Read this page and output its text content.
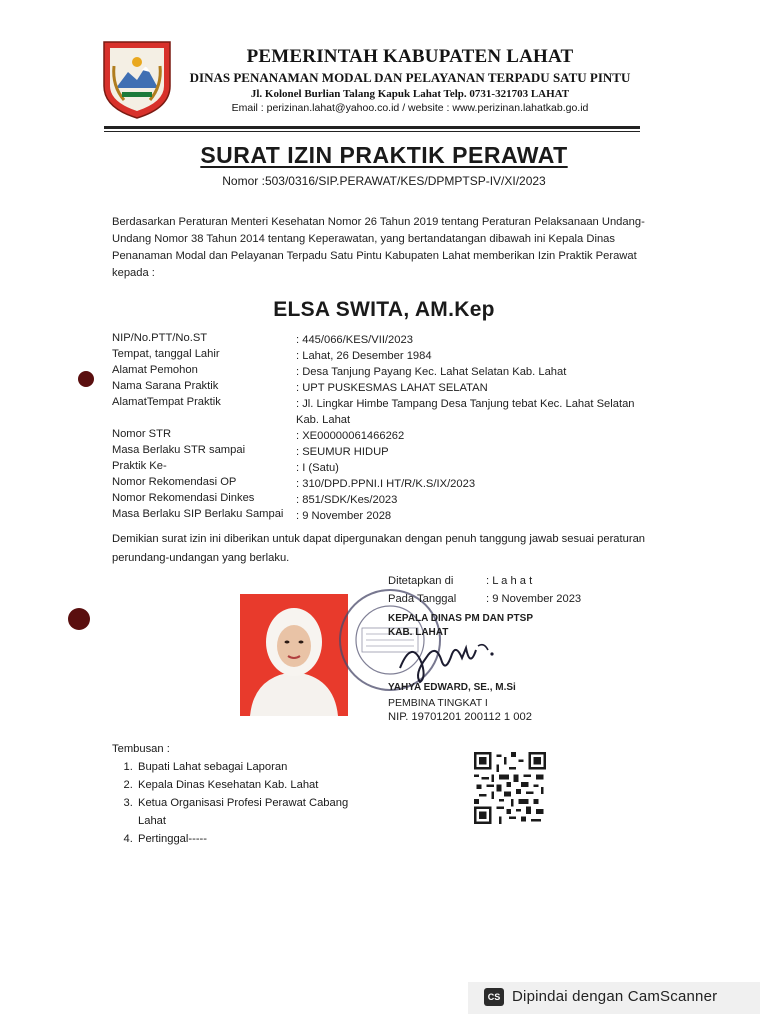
PEMERINTAH KABUPATEN LAHAT
DINAS PENANAMAN MODAL DAN PELAYANAN TERPADU SATU PINTU
Jl. Kolonel Burlian Talang Kapuk Lahat Telp. 0731-321703 LAHAT
Email : perizinan.lahat@yahoo.co.id / website : www.perizinan.lahatkab.go.id
SURAT IZIN PRAKTIK PERAWAT
Nomor :503/0316/SIP.PERAWAT/KES/DPMPTSP-IV/XI/2023
Berdasarkan Peraturan Menteri Kesehatan Nomor 26 Tahun 2019 tentang Peraturan Pelaksanaan Undang-Undang Nomor 38 Tahun 2014 tentang Keperawatan, yang bertandatangan dibawah ini Kepala Dinas Penanaman Modal dan Pelayanan Terpadu Satu Pintu Kabupaten Lahat memberikan Izin Praktik Perawat kepada :
ELSA SWITA, AM.Kep
NIP/No.PTT/No.ST	: 445/066/KES/VII/2023
Tempat, tanggal Lahir	: Lahat, 26 Desember 1984
Alamat Pemohon	: Desa Tanjung Payang Kec. Lahat Selatan Kab. Lahat
Nama Sarana Praktik	: UPT PUSKESMAS LAHAT SELATAN
AlamatTempat Praktik	: Jl. Lingkar Himbe Tampang Desa Tanjung tebat Kec. Lahat Selatan Kab. Lahat
Nomor STR	: XE00000061466262
Masa Berlaku STR sampai	: SEUMUR HIDUP
Praktik Ke-	: I (Satu)
Nomor Rekomendasi OP	: 310/DPD.PPNI.I HT/R/K.S/IX/2023
Nomor Rekomendasi Dinkes	: 851/SDK/Kes/2023
Masa Berlaku SIP Berlaku Sampai	: 9 November 2028
Demikian surat izin ini diberikan untuk dapat dipergunakan dengan penuh tanggung jawab sesuai peraturan perundang-undangan yang berlaku.
Ditetapkan di	: L a h a t
Pada Tanggal	: 9 November 2023
KEPALA DINAS PM DAN PTSP
KAB. LAHAT
YAHYA EDWARD, SE., M.Si
PEMBINA TINGKAT I
NIP. 19701201 200112 1 002
Tembusan :
1. Bupati Lahat sebagai Laporan
2. Kepala Dinas Kesehatan Kab. Lahat
3. Ketua Organisasi Profesi Perawat Cabang Lahat
4. Pertinggal-----
CS Dipindai dengan CamScanner
